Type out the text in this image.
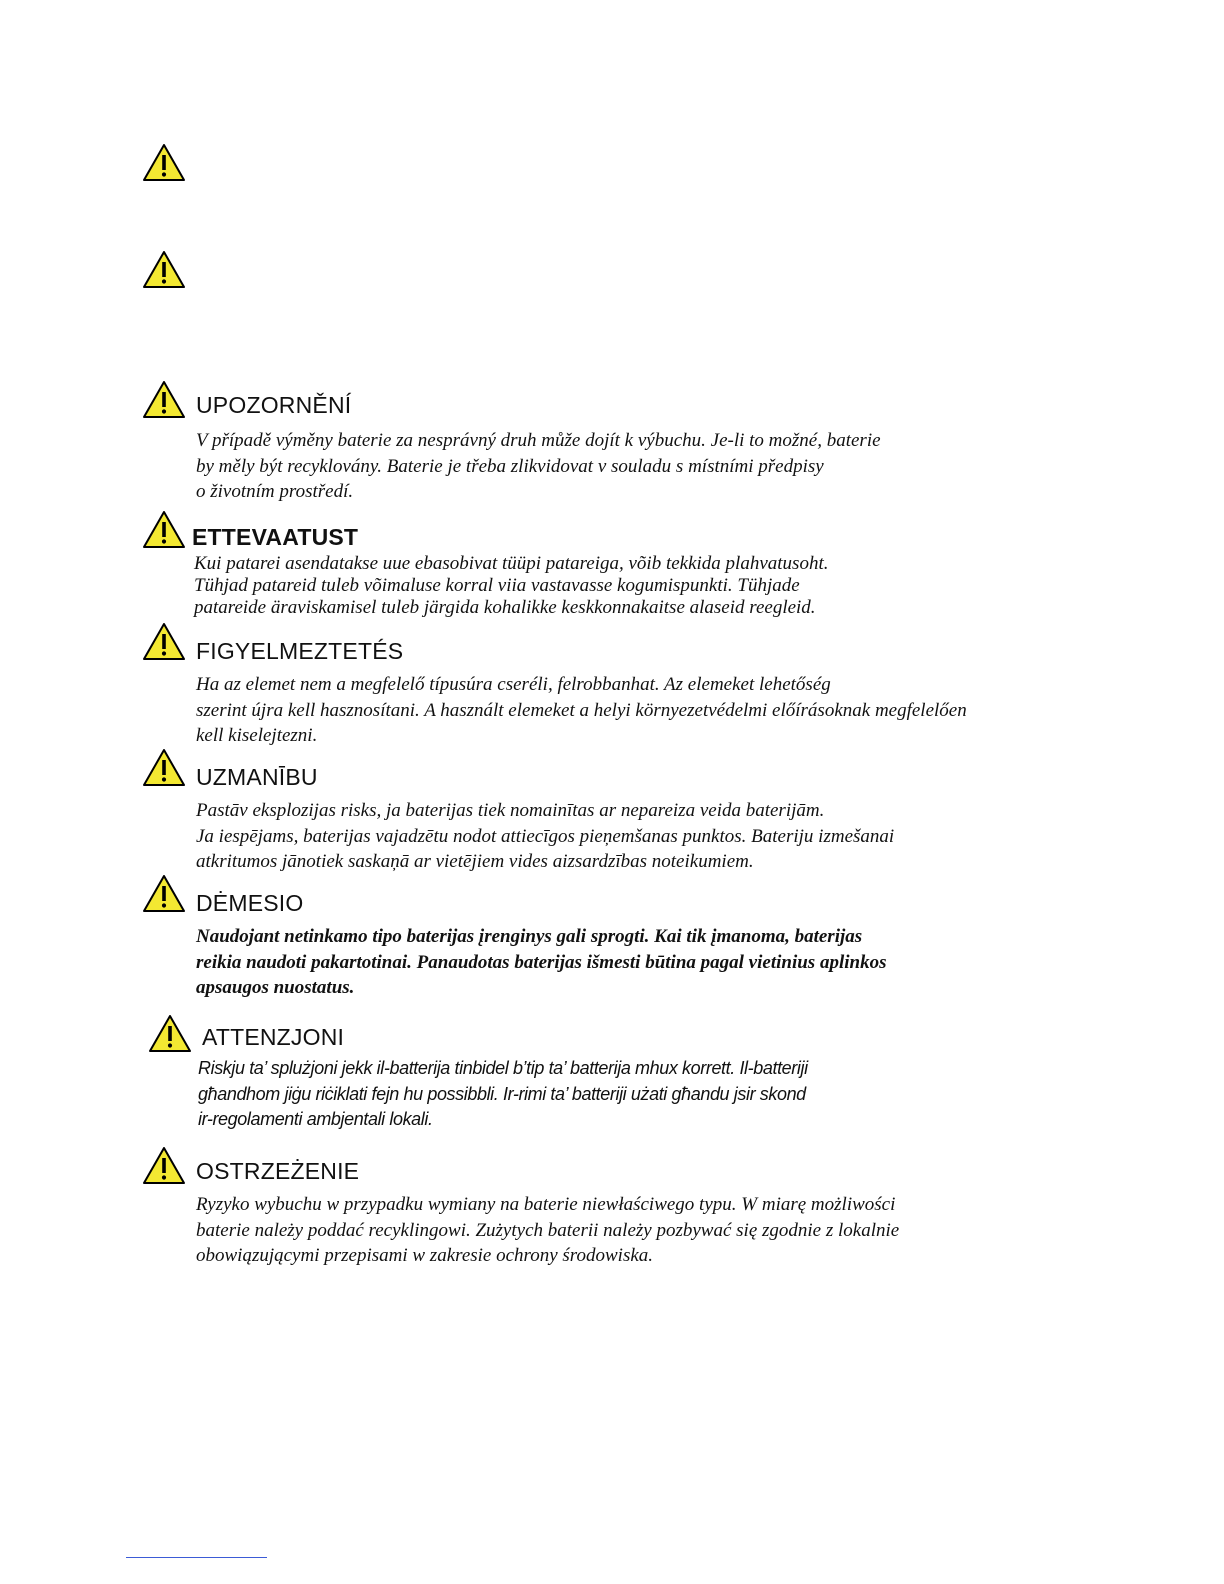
UPOZORNĚNÍ
V případě výměny baterie za nesprávný druh může dojít k výbuchu. Je-li to možné, baterie
by měly být recyklovány. Baterie je třeba zlikvidovat v souladu s místními předpisy
o životním prostředí.
ETTEVAATUST
Kui patarei asendatakse uue ebasobivat tüüpi patareiga, võib tekkida plahvatusoht.
Tühjad patareid tuleb võimaluse korral viia vastavasse kogumispunkti. Tühjade
patareide äraviskamisel tuleb järgida kohalikke keskkonnakaitse alaseid reegleid.
FIGYELMEZTETÉS
Ha az elemet nem a megfelelő típusúra cseréli, felrobbanhat. Az elemeket lehetőség
szerint újra kell hasznosítani. A használt elemeket a helyi környezetvédelmi előírásoknak megfelelően
kell kiselejtezni.
UZMANĪBU
Pastāv eksplozijas risks, ja baterijas tiek nomainītas ar nepareiza veida baterijām.
Ja iespējams, baterijas vajadzētu nodot attiecīgos pieņemšanas punktos. Bateriju izmešanai
atkritumos jānotiek saskaņā ar vietējiem vides aizsardzības noteikumiem.
DĖMESIO
Naudojant netinkamo tipo baterijas įrenginys gali sprogti. Kai tik įmanoma, baterijas
reikia naudoti pakartotinai. Panaudotas baterijas išmesti būtina pagal vietinius aplinkos
apsaugos nuostatus.
ATTENZJONI
Riskju ta’ splużjoni jekk il-batterija tinbidel b’tip ta’ batterija mhux korrett. Il-batteriji
għandhom jiġu riċiklati fejn hu possibbli. Ir-rimi ta’ batteriji użati għandu jsir skond
ir-regolamenti ambjentali lokali.
OSTRZEŻENIE
Ryzyko wybuchu w przypadku wymiany na baterie niewłaściwego typu. W miarę możliwości
baterie należy poddać recyklingowi. Zużytych baterii należy pozbywać się zgodnie z lokalnie
obowiązującymi przepisami w zakresie ochrony środowiska.
